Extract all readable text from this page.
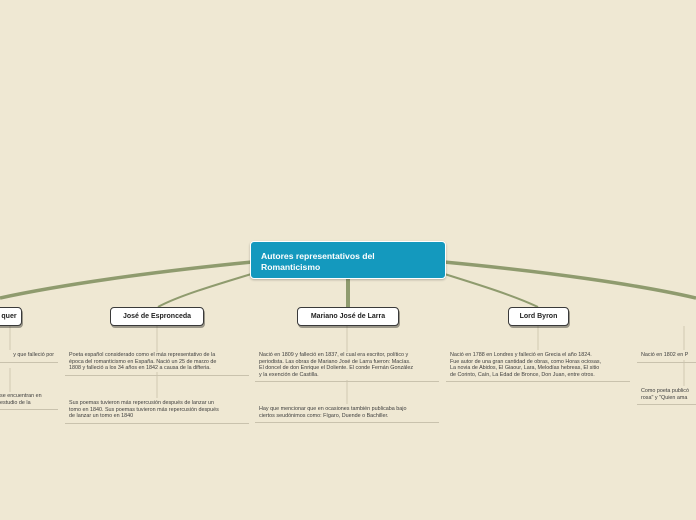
Autores representativos del
Romanticismo
quer	José de Espronceda	Mariano José de Larra	Lord Byron
y que falleció por
se encuentran en
estudio de la
Poeta español considerado como el más representativo de la
época del romanticismo en España. Nació un 25 de marzo de
1808 y falleció a los 34 años en 1842 a causa de la difteria.
Sus poemas tuvieron más repercusión después de lanzar un
tomo en 1840. Sus poemas tuvieron más repercusión después
de lanzar un tomo en 1840
Nació en 1809 y falleció en 1837, el cual era escritor, político y
periodista. Las obras de Mariano José de Larra fueron: Macías.
El doncel de don Enrique el Doliente. El conde Fernán González
y la exención de Castilla.
Hay que mencionar que en ocasiones también publicaba bajo
ciertos seudónimos como: Fígaro, Duende o Bachiller.
Nació en 1788 en Londres y falleció en Grecia el año 1824.
Fue autor de una gran cantidad de obras, como Horas ociosas,
La novia de Abidos, El Giaour, Lara, Melodías hebreas, El sitio
de Corinto, Caín, La Edad de Bronce, Don Juan, entre otros.
Nació en 1802 en P
Como poeta publicó
rosa" y "Quien ama
